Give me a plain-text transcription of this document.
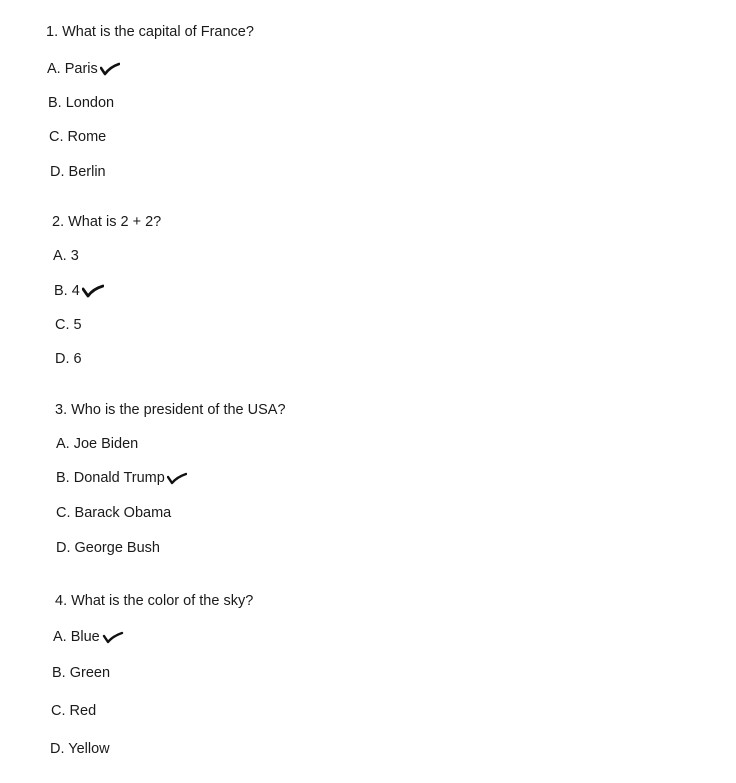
1. What is the capital of France?
A. Paris
B. London
C. Rome
D. Berlin
2. What is 2 + 2?
A. 3
B. 4
C. 5
D. 6
3. Who is the president of the USA?
A. Joe Biden
B. Donald Trump
C. Barack Obama
D. George Bush
4. What is the color of the sky?
A. Blue
B. Green
C. Red
D. Yellow
